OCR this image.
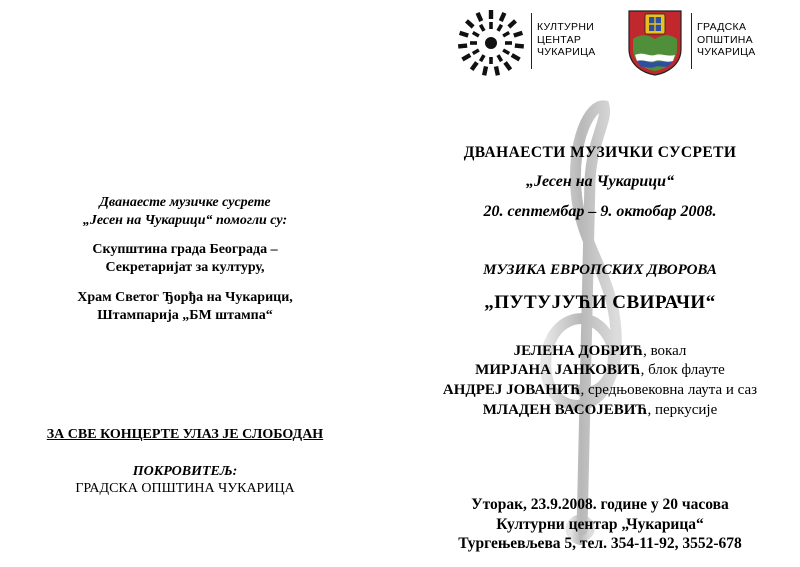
Дванаесте музичке сусрете
„Јесен на Чукарици“ помогли су:
Скупштина града Београда –
Секретаријат за културу,
Храм Светог Ђорђа на Чукарици,
Штампарија „БМ штампа“
ЗА СВЕ КОНЦЕРТЕ УЛАЗ ЈЕ СЛОБОДАН
ПОКРОВИТЕЉ:
ГРАДСКА ОПШТИНА ЧУКАРИЦА
КУЛТУРНИ
ЦЕНТАР
ЧУКАРИЦА
ГРАДСКА
ОПШТИНА
ЧУКАРИЦА
ДВАНАЕСТИ МУЗИЧКИ СУСРЕТИ
„Јесен на Чукарици“
20. септембар – 9. октобар 2008.
МУЗИКА ЕВРОПСКИХ ДВОРОВА
„ПУТУЈУЋИ СВИРАЧИ“
ЈЕЛЕНА ДОБРИЋ, вокал
МИРЈАНА ЈАНКОВИЋ, блок флауте
АНДРЕЈ ЈОВАНИЋ, средњовековна лаута и саз
МЛАДЕН ВАСОЈЕВИЋ, перкусије
Уторак, 23.9.2008. године у 20 часова
Културни центар „Чукарица“
Тургењевљева 5, тел. 354-11-92, 3552-678
